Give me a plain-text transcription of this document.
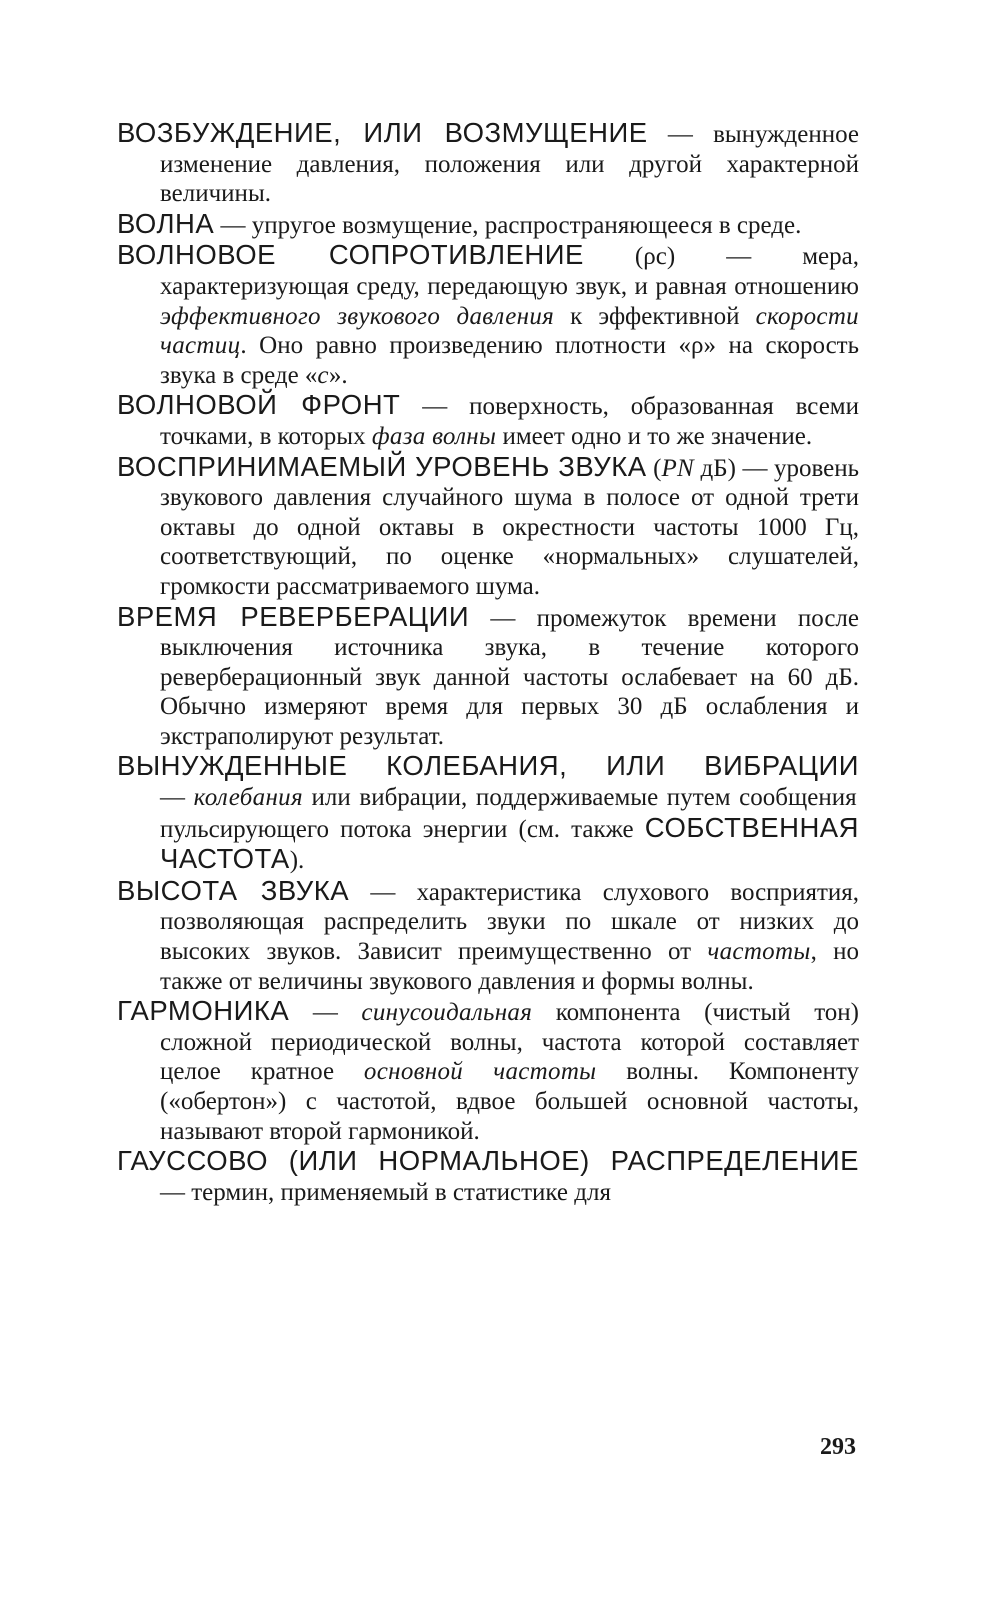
ВОЗБУЖДЕНИЕ, ИЛИ ВОЗМУЩЕНИЕ — вынужденное изменение давления, положения или другой характерной величины.

ВОЛНА — упругое возмущение, распространяющееся в среде.

ВОЛНОВОЕ СОПРОТИВЛЕНИЕ (ρc) — мера, характеризующая среду, передающую звук, и равная отношению эффективного звукового давления к эффективной скорости частиц. Оно равно произведению плотности «ρ» на скорость звука в среде «c».

ВОЛНОВОЙ ФРОНТ — поверхность, образованная всеми точками, в которых фаза волны имеет одно и то же значение.

ВОСПРИНИМАЕМЫЙ УРОВЕНЬ ЗВУКА (PN дБ) — уровень звукового давления случайного шума в полосе от одной трети октавы до одной октавы в окрестности частоты 1000 Гц, соответствующий, по оценке «нормальных» слушателей, громкости рассматриваемого шума.

ВРЕМЯ РЕВЕРБЕРАЦИИ — промежуток времени после выключения источника звука, в течение которого реверберационный звук данной частоты ослабевает на 60 дБ. Обычно измеряют время для первых 30 дБ ослабления и экстраполируют результат.

ВЫНУЖДЕННЫЕ КОЛЕБАНИЯ, ИЛИ ВИБРАЦИИ — колебания или вибрации, поддерживаемые путем сообщения пульсирующего потока энергии (см. также СОБСТВЕННАЯ ЧАСТОТА).

ВЫСОТА ЗВУКА — характеристика слухового восприятия, позволяющая распределить звуки по шкале от низких до высоких звуков. Зависит преимущественно от частоты, но также от величины звукового давления и формы волны.

ГАРМОНИКА — синусоидальная компонента (чистый тон) сложной периодической волны, частота которой составляет целое кратное основной частоты волны. Компоненту («обертон») с частотой, вдвое большей основной частоты, называют второй гармоникой.

ГАУССОВО (ИЛИ НОРМАЛЬНОЕ) РАСПРЕДЕЛЕНИЕ — термин, применяемый в статистике для

293
